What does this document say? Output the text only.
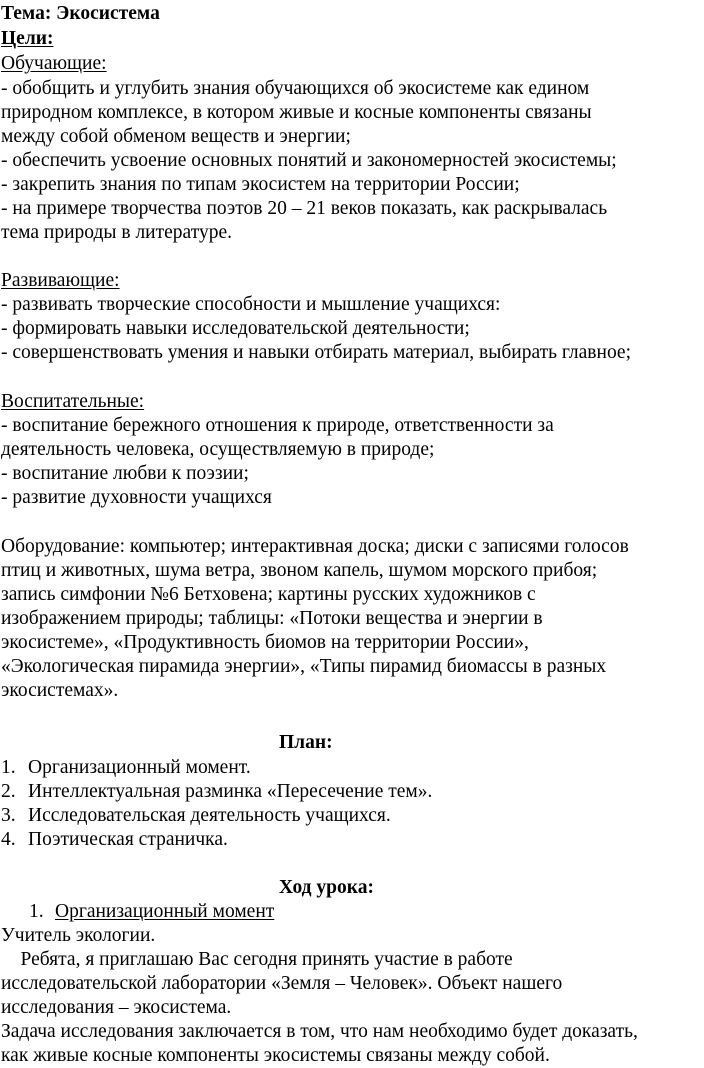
Тема: Экосистема
Цели:
Обучающие:
- обобщить и углубить знания обучающихся об экосистеме как едином
природном комплексе, в котором живые и косные компоненты связаны
между собой обменом веществ и энергии;
- обеспечить усвоение основных понятий и закономерностей экосистемы;
- закрепить знания по типам экосистем на территории России;
- на примере творчества поэтов 20 – 21 веков показать, как раскрывалась
тема природы в литературе.
Развивающие:
- развивать творческие способности и мышление учащихся:
- формировать навыки исследовательской деятельности;
- совершенствовать умения и навыки отбирать материал, выбирать главное;
Воспитательные:
- воспитание бережного отношения к природе, ответственности за
деятельность человека, осуществляемую в природе;
- воспитание любви к поэзии;
- развитие духовности учащихся
Оборудование: компьютер; интерактивная доска; диски с записями голосов
птиц и животных, шума ветра, звоном капель, шумом морского прибоя;
запись симфонии №6 Бетховена; картины русских художников с
изображением природы; таблицы: «Потоки вещества и энергии в
экосистеме», «Продуктивность биомов на территории России»,
«Экологическая пирамида энергии», «Типы пирамид биомассы в разных
экосистемах».
План:
1. Организационный момент.
2. Интеллектуальная разминка «Пересечение тем».
3. Исследовательская деятельность учащихся.
4. Поэтическая страничка.
Ход урока:
1. Организационный момент
Учитель экологии.
Ребята, я приглашаю Вас сегодня принять участие в работе
исследовательской лаборатории «Земля – Человек». Объект нашего
исследования – экосистема.
Задача исследования заключается в том, что нам необходимо будет доказать,
как живые косные компоненты экосистемы связаны между собой.
